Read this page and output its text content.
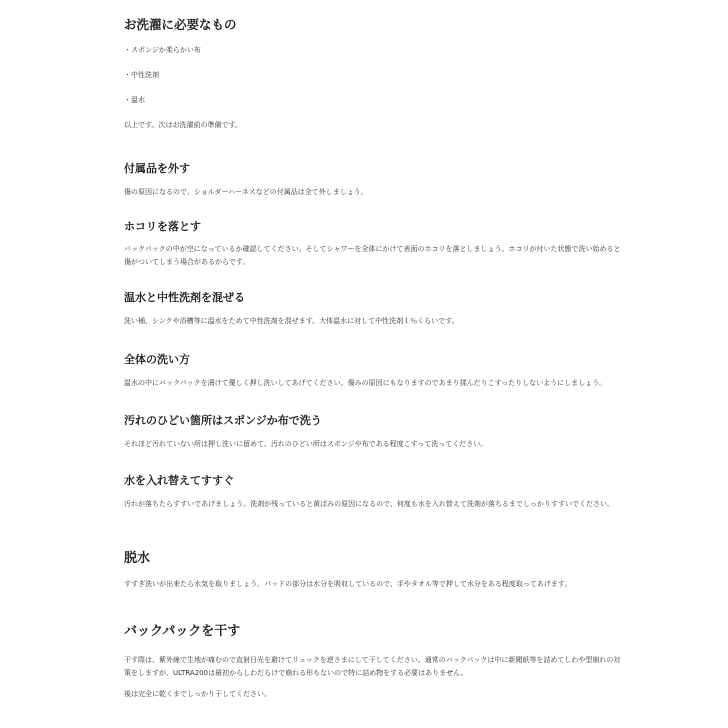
お洗濯に必要なもの
・スポンジか柔らかい布
・中性洗剤
・温水
以上です。次はお洗濯前の準備です。
付属品を外す
傷の原因になるので、ショルダーハーネスなどの付属品は全て外しましょう。
ホコリを落とす
バックパックの中が空になっているか確認してください。そしてシャワーを全体にかけて表面のホコリを落としましょう。ホコリが付いた状態で洗い始めると傷がついてしまう場合があるからです。
温水と中性洗剤を混ぜる
洗い桶、シンクや浴槽等に温水をためて中性洗剤を混ぜます。大体温水に対して中性洗剤１％くらいです。
全体の洗い方
温水の中にバックパックを漬けて優しく押し洗いしてあげてください。傷みの原因にもなりますのであまり揉んだりこすったりしないようにしましょう。
汚れのひどい箇所はスポンジか布で洗う
それほど汚れていない所は押し洗いに留めて、汚れのひどい所はスポンジや布である程度こすって洗ってください。
水を入れ替えてすすぐ
汚れが落ちたらすすいであげましょう。洗剤が残っていると黄ばみの原因になるので、何度も水を入れ替えて洗剤が落ちるまでしっかりすすいでください。
脱水
すすぎ洗いが出来たら水気を取りましょう。パッドの部分は水分を吸収しているので、手やタオル等で押して水分をある程度取ってあげます。
バックパックを干す
干す際は、紫外線で生地が痛むので直射日光を避けてリュックを逆さまにして干してください。通常のバックパックは中に新聞紙等を詰めてしわや型崩れの対策をしますが、ULTRA200は最初からしわだらけで崩れる形もないので特に詰め物をする必要はありません。
後は完全に乾くまでしっかり干してください。
